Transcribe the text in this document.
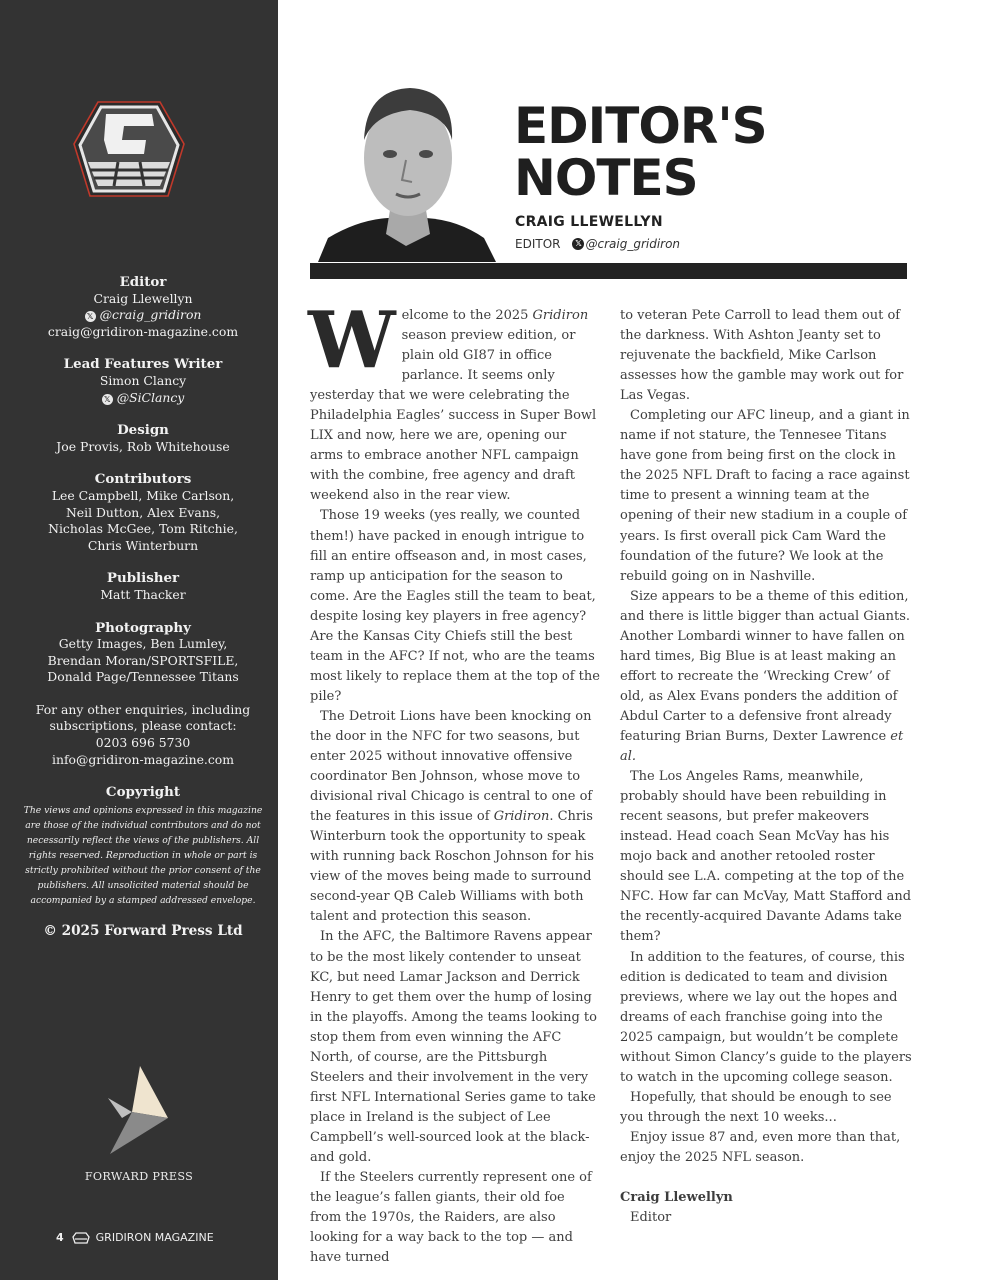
Editor
Craig Llewellyn
𝕏 @craig_gridiron
craig@gridiron-magazine.com
Lead Features Writer
Simon Clancy
𝕏 @SiClancy
Design
Joe Provis, Rob Whitehouse
Contributors
Lee Campbell, Mike Carlson,
Neil Dutton, Alex Evans,
Nicholas McGee, Tom Ritchie,
Chris Winterburn
Publisher
Matt Thacker
Photography
Getty Images, Ben Lumley,
Brendan Moran/SPORTSFILE,
Donald Page/Tennessee Titans
For any other enquiries, including
subscriptions, please contact:
0203 696 5730
info@gridiron-magazine.com
Copyright
The views and opinions expressed in this magazine are those of the individual contributors and do not necessarily reflect the views of the publishers. All rights reserved. Reproduction in whole or part is strictly prohibited without the prior consent of the publishers. All unsolicited material should be accompanied by a stamped addressed envelope.
© 2025 Forward Press Ltd
FORWARD PRESS
4	GRIDIRON MAGAZINE
EDITOR'S
NOTES
CRAIG LLEWELLYN
EDITOR	𝕏 @craig_gridiron

Welcome to the 2025 Gridiron season preview edition, or plain old GI87 in office parlance. It seems only yesterday that we were celebrating the Philadelphia Eagles’ success in Super Bowl LIX and now, here we are, opening our arms to embrace another NFL campaign with the combine, free agency and draft weekend also in the rear view.

Those 19 weeks (yes really, we counted them!) have packed in enough intrigue to fill an entire offseason and, in most cases, ramp up anticipation for the season to come. Are the Eagles still the team to beat, despite losing key players in free agency? Are the Kansas City Chiefs still the best team in the AFC? If not, who are the teams most likely to replace them at the top of the pile?

The Detroit Lions have been knocking on the door in the NFC for two seasons, but enter 2025 without innovative offensive coordinator Ben Johnson, whose move to divisional rival Chicago is central to one of the features in this issue of Gridiron. Chris Winterburn took the opportunity to speak with running back Roschon Johnson for his view of the moves being made to surround second-year QB Caleb Williams with both talent and protection this season.

In the AFC, the Baltimore Ravens appear to be the most likely contender to unseat KC, but need Lamar Jackson and Derrick Henry to get them over the hump of losing in the playoffs. Among the teams looking to stop them from even winning the AFC North, of course, are the Pittsburgh Steelers and their involvement in the very first NFL International Series game to take place in Ireland is the subject of Lee Campbell’s well-sourced look at the black-and gold.

If the Steelers currently represent one of the league’s fallen giants, their old foe from the 1970s, the Raiders, are also looking for a way back to the top — and have turned

to veteran Pete Carroll to lead them out of the darkness. With Ashton Jeanty set to rejuvenate the backfield, Mike Carlson assesses how the gamble may work out for Las Vegas.

Completing our AFC lineup, and a giant in name if not stature, the Tennesee Titans have gone from being first on the clock in the 2025 NFL Draft to facing a race against time to present a winning team at the opening of their new stadium in a couple of years. Is first overall pick Cam Ward the foundation of the future? We look at the rebuild going on in Nashville.

Size appears to be a theme of this edition, and there is little bigger than actual Giants. Another Lombardi winner to have fallen on hard times, Big Blue is at least making an effort to recreate the ‘Wrecking Crew’ of old, as Alex Evans ponders the addition of Abdul Carter to a defensive front already featuring Brian Burns, Dexter Lawrence et al.

The Los Angeles Rams, meanwhile, probably should have been rebuilding in recent seasons, but prefer makeovers instead. Head coach Sean McVay has his mojo back and another retooled roster should see L.A. competing at the top of the NFC. How far can McVay, Matt Stafford and the recently-acquired Davante Adams take them?

In addition to the features, of course, this edition is dedicated to team and division previews, where we lay out the hopes and dreams of each franchise going into the 2025 campaign, but wouldn’t be complete without Simon Clancy’s guide to the players to watch in the upcoming college season.

Hopefully, that should be enough to see you through the next 10 weeks...

Enjoy issue 87 and, even more than that, enjoy the 2025 NFL season.

Craig Llewellyn

Editor
